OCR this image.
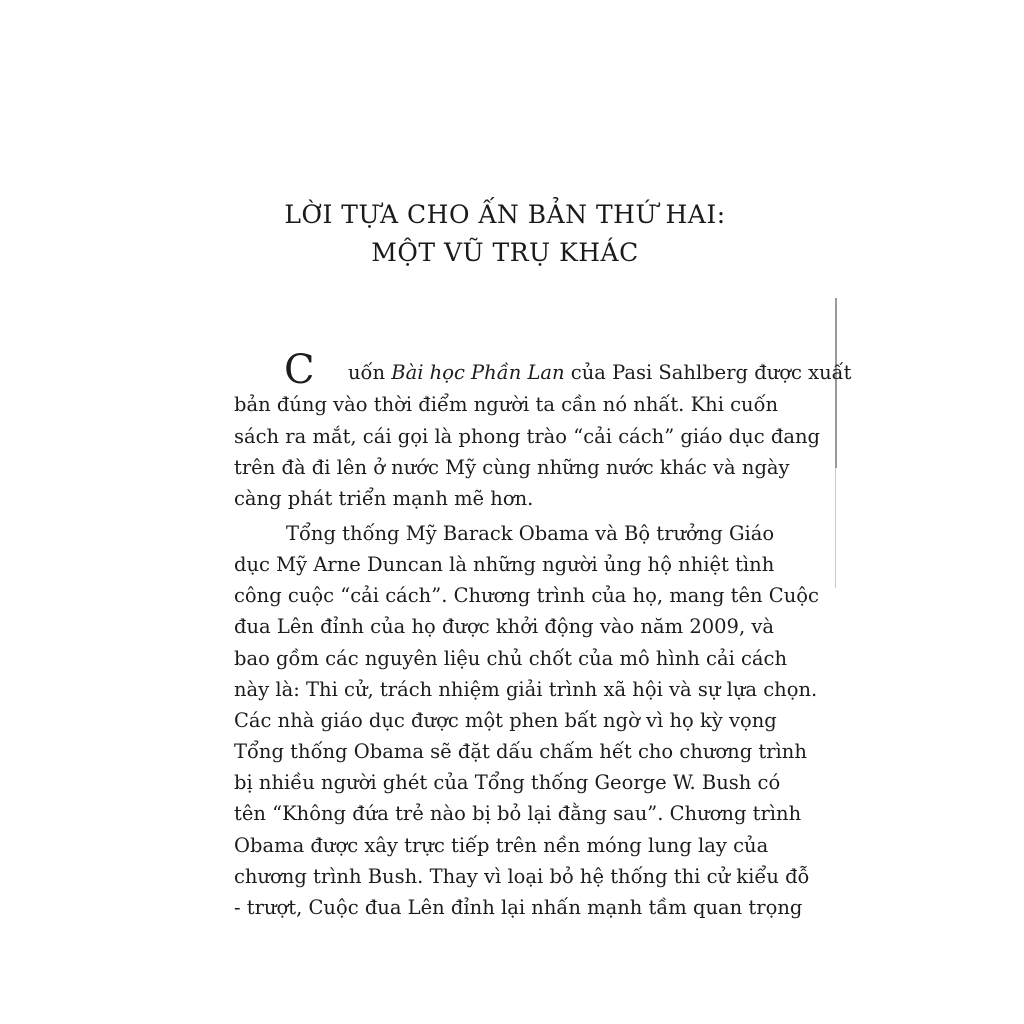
LỜI TỰA CHO ẤN BẢN THỨ HAI:
MỘT VŨ TRỤ KHÁC
C uốn Bài học Phần Lan của Pasi Sahlberg được xuất
bản đúng vào thời điểm người ta cần nó nhất. Khi cuốn
sách ra mắt, cái gọi là phong trào “cải cách” giáo dục đang
trên đà đi lên ở nước Mỹ cùng những nước khác và ngày
càng phát triển mạnh mẽ hơn.
Tổng thống Mỹ Barack Obama và Bộ trưởng Giáo
dục Mỹ Arne Duncan là những người ủng hộ nhiệt tình
công cuộc “cải cách”. Chương trình của họ, mang tên Cuộc
đua Lên đỉnh của họ được khởi động vào năm 2009, và
bao gồm các nguyên liệu chủ chốt của mô hình cải cách
này là: Thi cử, trách nhiệm giải trình xã hội và sự lựa chọn.
Các nhà giáo dục được một phen bất ngờ vì họ kỳ vọng
Tổng thống Obama sẽ đặt dấu chấm hết cho chương trình
bị nhiều người ghét của Tổng thống George W. Bush có
tên “Không đứa trẻ nào bị bỏ lại đằng sau”. Chương trình
Obama được xây trực tiếp trên nền móng lung lay của
chương trình Bush. Thay vì loại bỏ hệ thống thi cử kiểu đỗ
- trượt, Cuộc đua Lên đỉnh lại nhấn mạnh tầm quan trọng
